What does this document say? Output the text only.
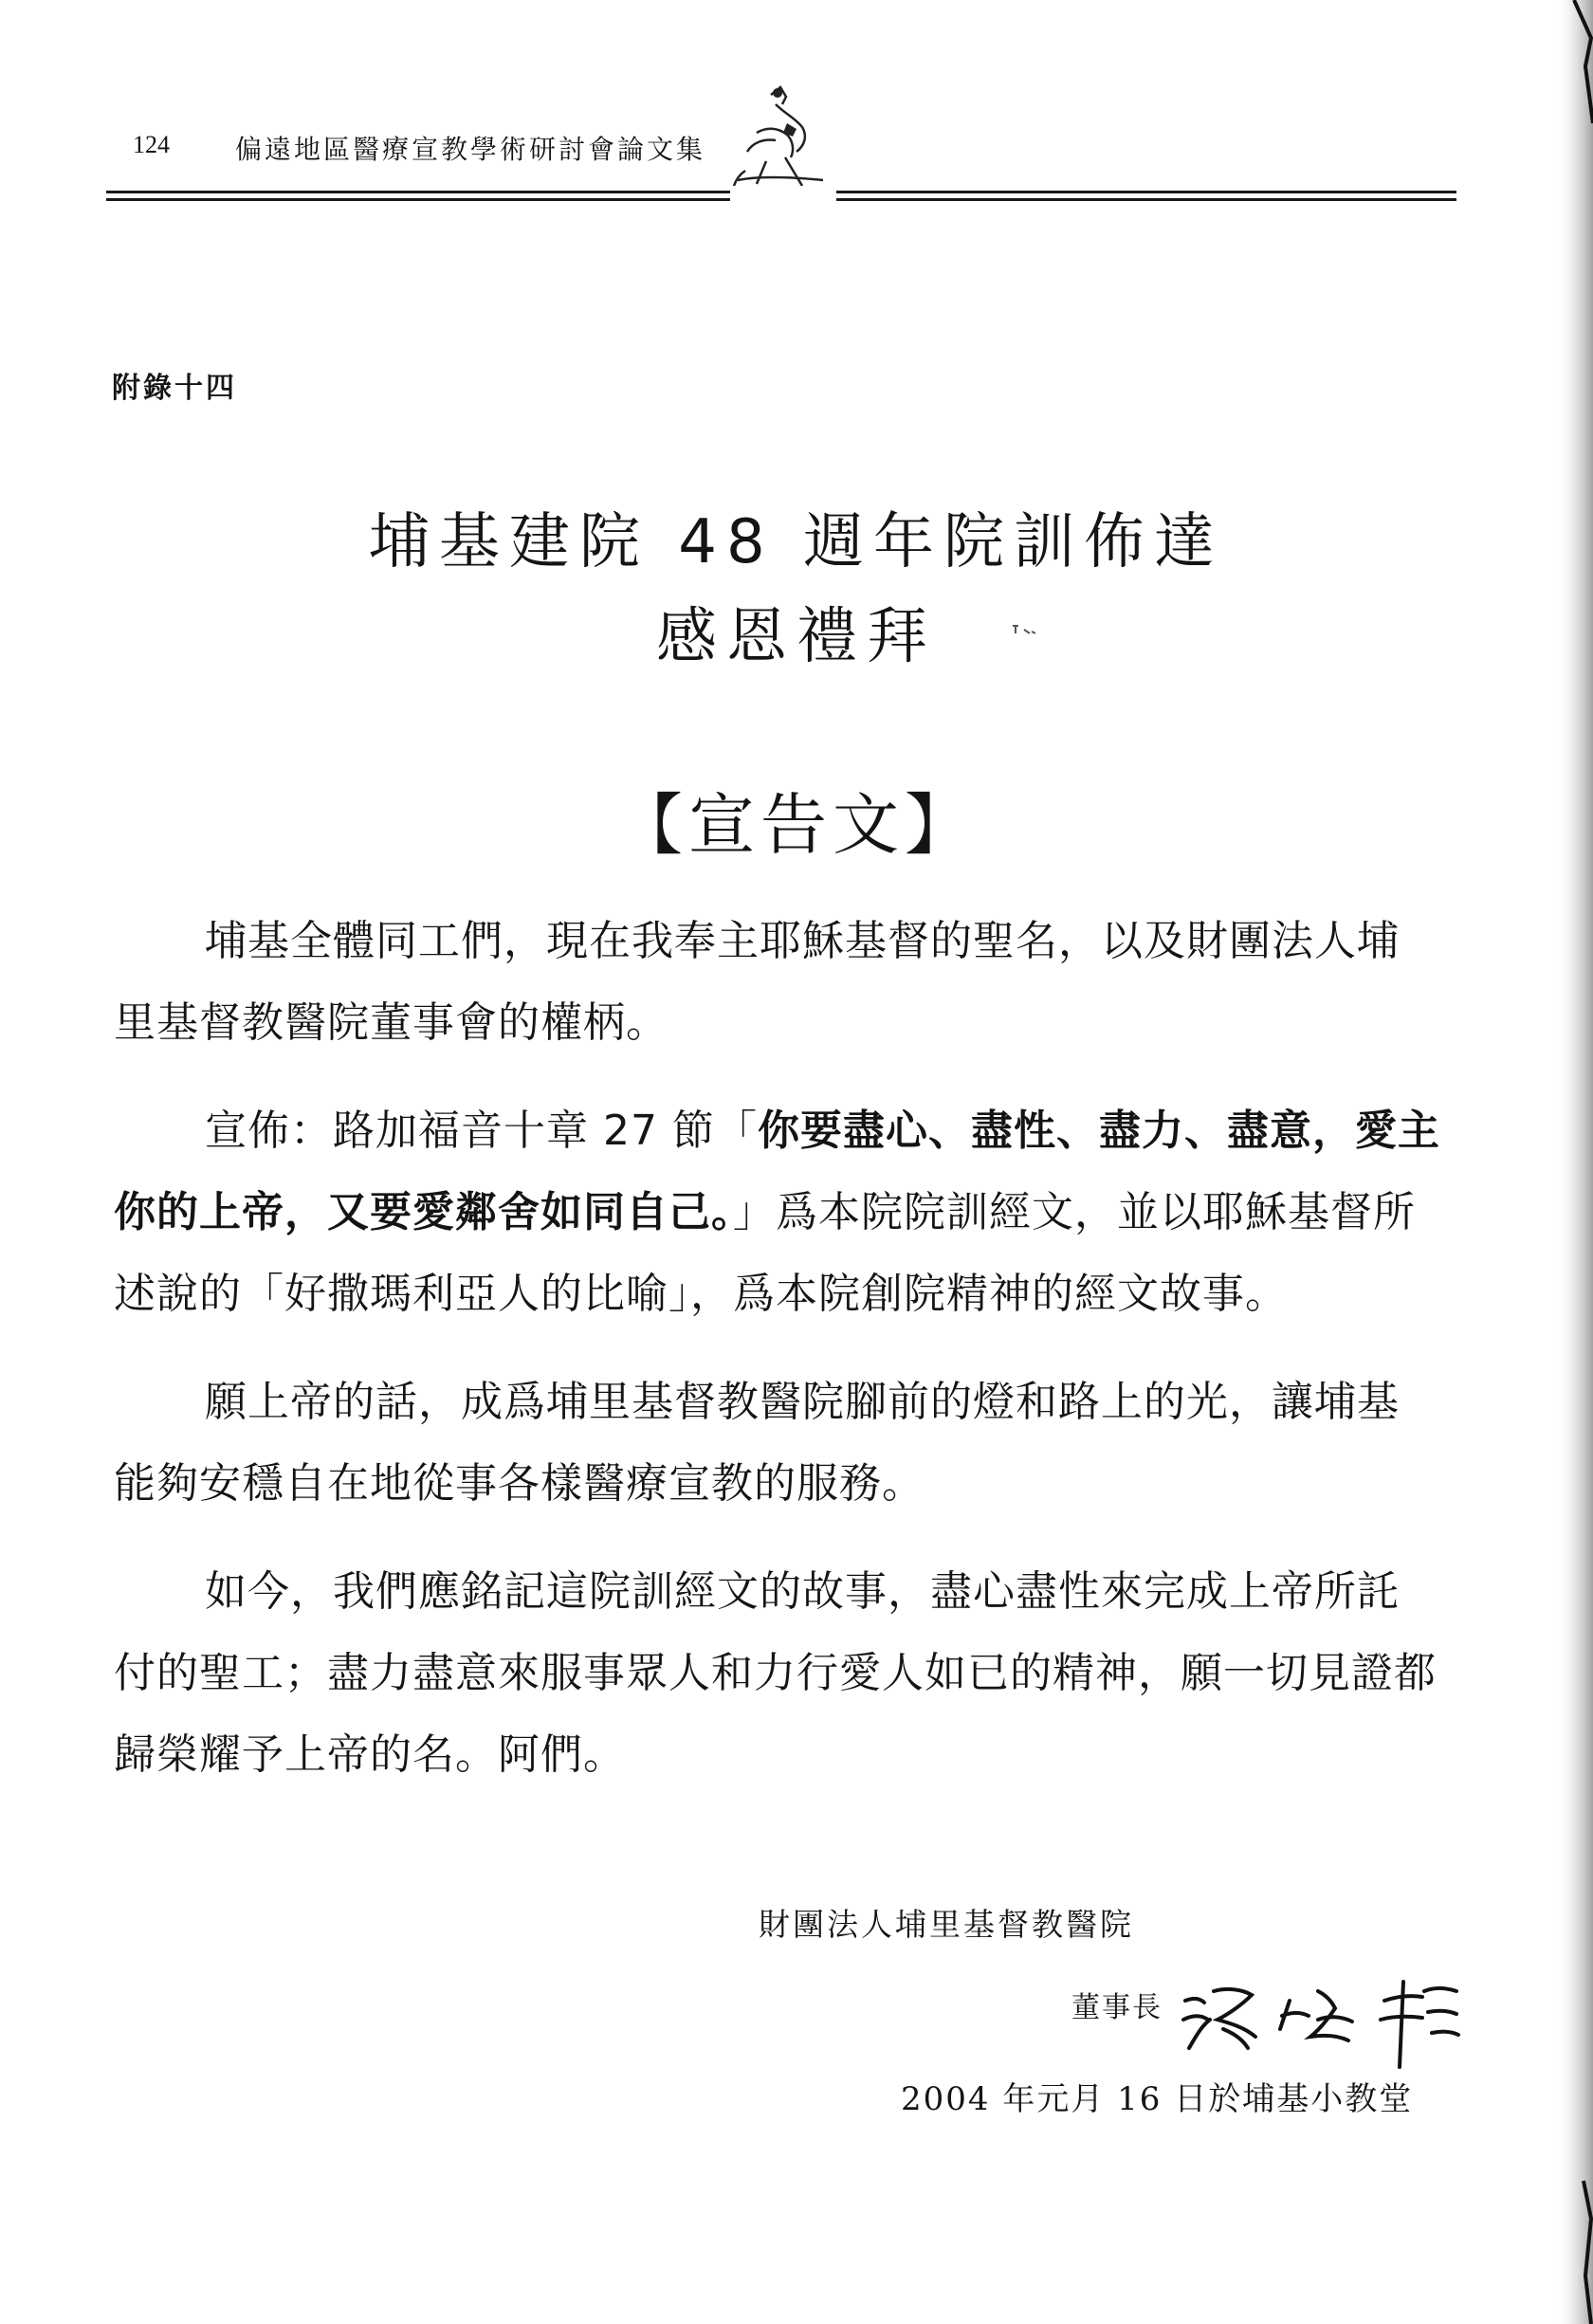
124 偏遠地區醫療宣教學術研討會論文集
附錄十四
埔基建院 48 週年院訓佈達
感恩禮拜
【宣告文】

埔基全體同工們，現在我奉主耶穌基督的聖名，以及財團法人埔里基督教醫院董事會的權柄。

宣佈：路加福音十章 27 節「你要盡心、盡性、盡力、盡意，愛主你的上帝，又要愛鄰舍如同自己。」爲本院院訓經文，並以耶穌基督所述說的「好撒瑪利亞人的比喻」，爲本院創院精神的經文故事。

願上帝的話，成爲埔里基督教醫院腳前的燈和路上的光，讓埔基能夠安穩自在地從事各樣醫療宣教的服務。

如今，我們應銘記這院訓經文的故事，盡心盡性來完成上帝所託付的聖工；盡力盡意來服事眾人和力行愛人如已的精神，願一切見證都歸榮耀予上帝的名。阿們。

財團法人埔里基督教醫院
董事長
2004 年元月 16 日於埔基小教堂
